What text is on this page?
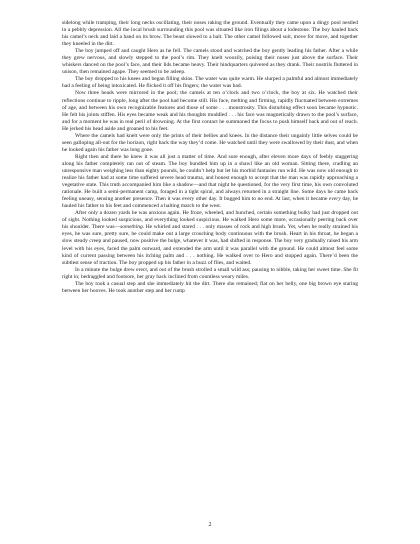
sidelong while tramping, their long necks oscillating, their noses raking the ground. Eventually they came upon a dingy pool nestled in a pebbly depression. All the local brush surrounding this pool was situated like iron filings about a lodestone. The boy hauled back his camel’s neck and laid a hand on its brow. The beast slowed to a halt. The other camel followed suit, move for move, and together they kneeled in the dirt.

The boy jumped off and caught Hero as he fell. The camels stood and watched the boy gently leading his father. After a while they grew nervous, and slowly stepped to the pool’s rim. They knelt woozily, poising their noses just above the surface. Their whiskers danced on the pool’s face, and their lids became heavy. Their hindquarters quivered as they drank. Their nostrils fluttered in unison, then remained agape. They seemed to be asleep.

The boy dropped to his knees and began filling skins. The water was quite warm. He slurped a palmful and almost immediately had a feeling of being intoxicated. He flicked it off his fingers; the water was bad.

Now three heads were mirrored in the pool; the camels at ten o’clock and two o’clock, the boy at six. He watched their reflections continue to ripple, long after the pool had become still. His face, melting and firming, rapidly fluctuated between extremes of age, and between his own recognizable features and those of some . . . monstrosity. This disturbing effect soon became hypnotic. He felt his joints stiffen. His eyes became weak and his thoughts muddled . . . his face was magnetically drawn to the pool’s surface, and for a moment he was in real peril of drowning. At the first contact he summoned the focus to push himself back and out of reach. He jerked his head aside and groaned to his feet.

Where the camels had knelt were only the prints of their bellies and knees. In the distance their ungainly little selves could be seen galloping all-out for the horizon, right back the way they’d come. He watched until they were swallowed by their dust, and when he looked again his father was long gone.

Right then and there he knew it was all just a matter of time. And sure enough, after eleven more days of feebly staggering along his father completely ran out of steam. The boy bundled him up in a shawl like an old woman. Sitting there, cradling an unresponsive man weighing less than eighty pounds, he couldn’t help but let his morbid fantasies run wild. He was now old enough to realize his father had at some time suffered severe head trauma, and honest enough to accept that the man was rapidly approaching a vegetative state. This truth accompanied him like a shadow—and that night he questioned, for the very first time, his own convoluted rationale. He built a semi-permanent camp, foraged in a tight spiral, and always returned in a straight line. Some days he came back feeling uneasy, sensing another presence. Then it was every other day. It bugged him to no end. At last, when it became every day, he hauled his father to his feet and commenced a halting march to the west.

After only a dozen yards he was anxious again. He froze, wheeled, and hunched, certain something bulky had just dropped out of sight. Nothing looked suspicious, and everything looked suspicious. He walked Hero some more, occasionally peering back over his shoulder. There was—something. He whirled and stared . . . only masses of rock and high brush. Yet, when he really strained his eyes, he was sure, pretty sure, he could make out a large crouching body continuous with the brush. Heart in his throat, he began a slow steady creep and paused, now positive the bulge, whatever it was, had shifted in response. The boy very gradually raised his arm level with his eyes, faced the palm outward, and extended the arm until it was parallel with the ground. He could almost feel some kind of current passing between his itching palm and . . . nothing. He walked over to Hero and stopped again. There’d been the subtlest sense of traction. The boy propped up his father in a buzz of flies, and waited.

In a minute the bulge drew erect, and out of the brush strolled a small wild ass; pausing to nibble, taking her sweet time. She fit right in; bedraggled and footsore, her gray back inclined from countless weary miles.

The boy took a casual step and she immediately hit the dirt. There she remained; flat on her belly, one big brown eye staring between her hooves. He took another step and her rump

2
